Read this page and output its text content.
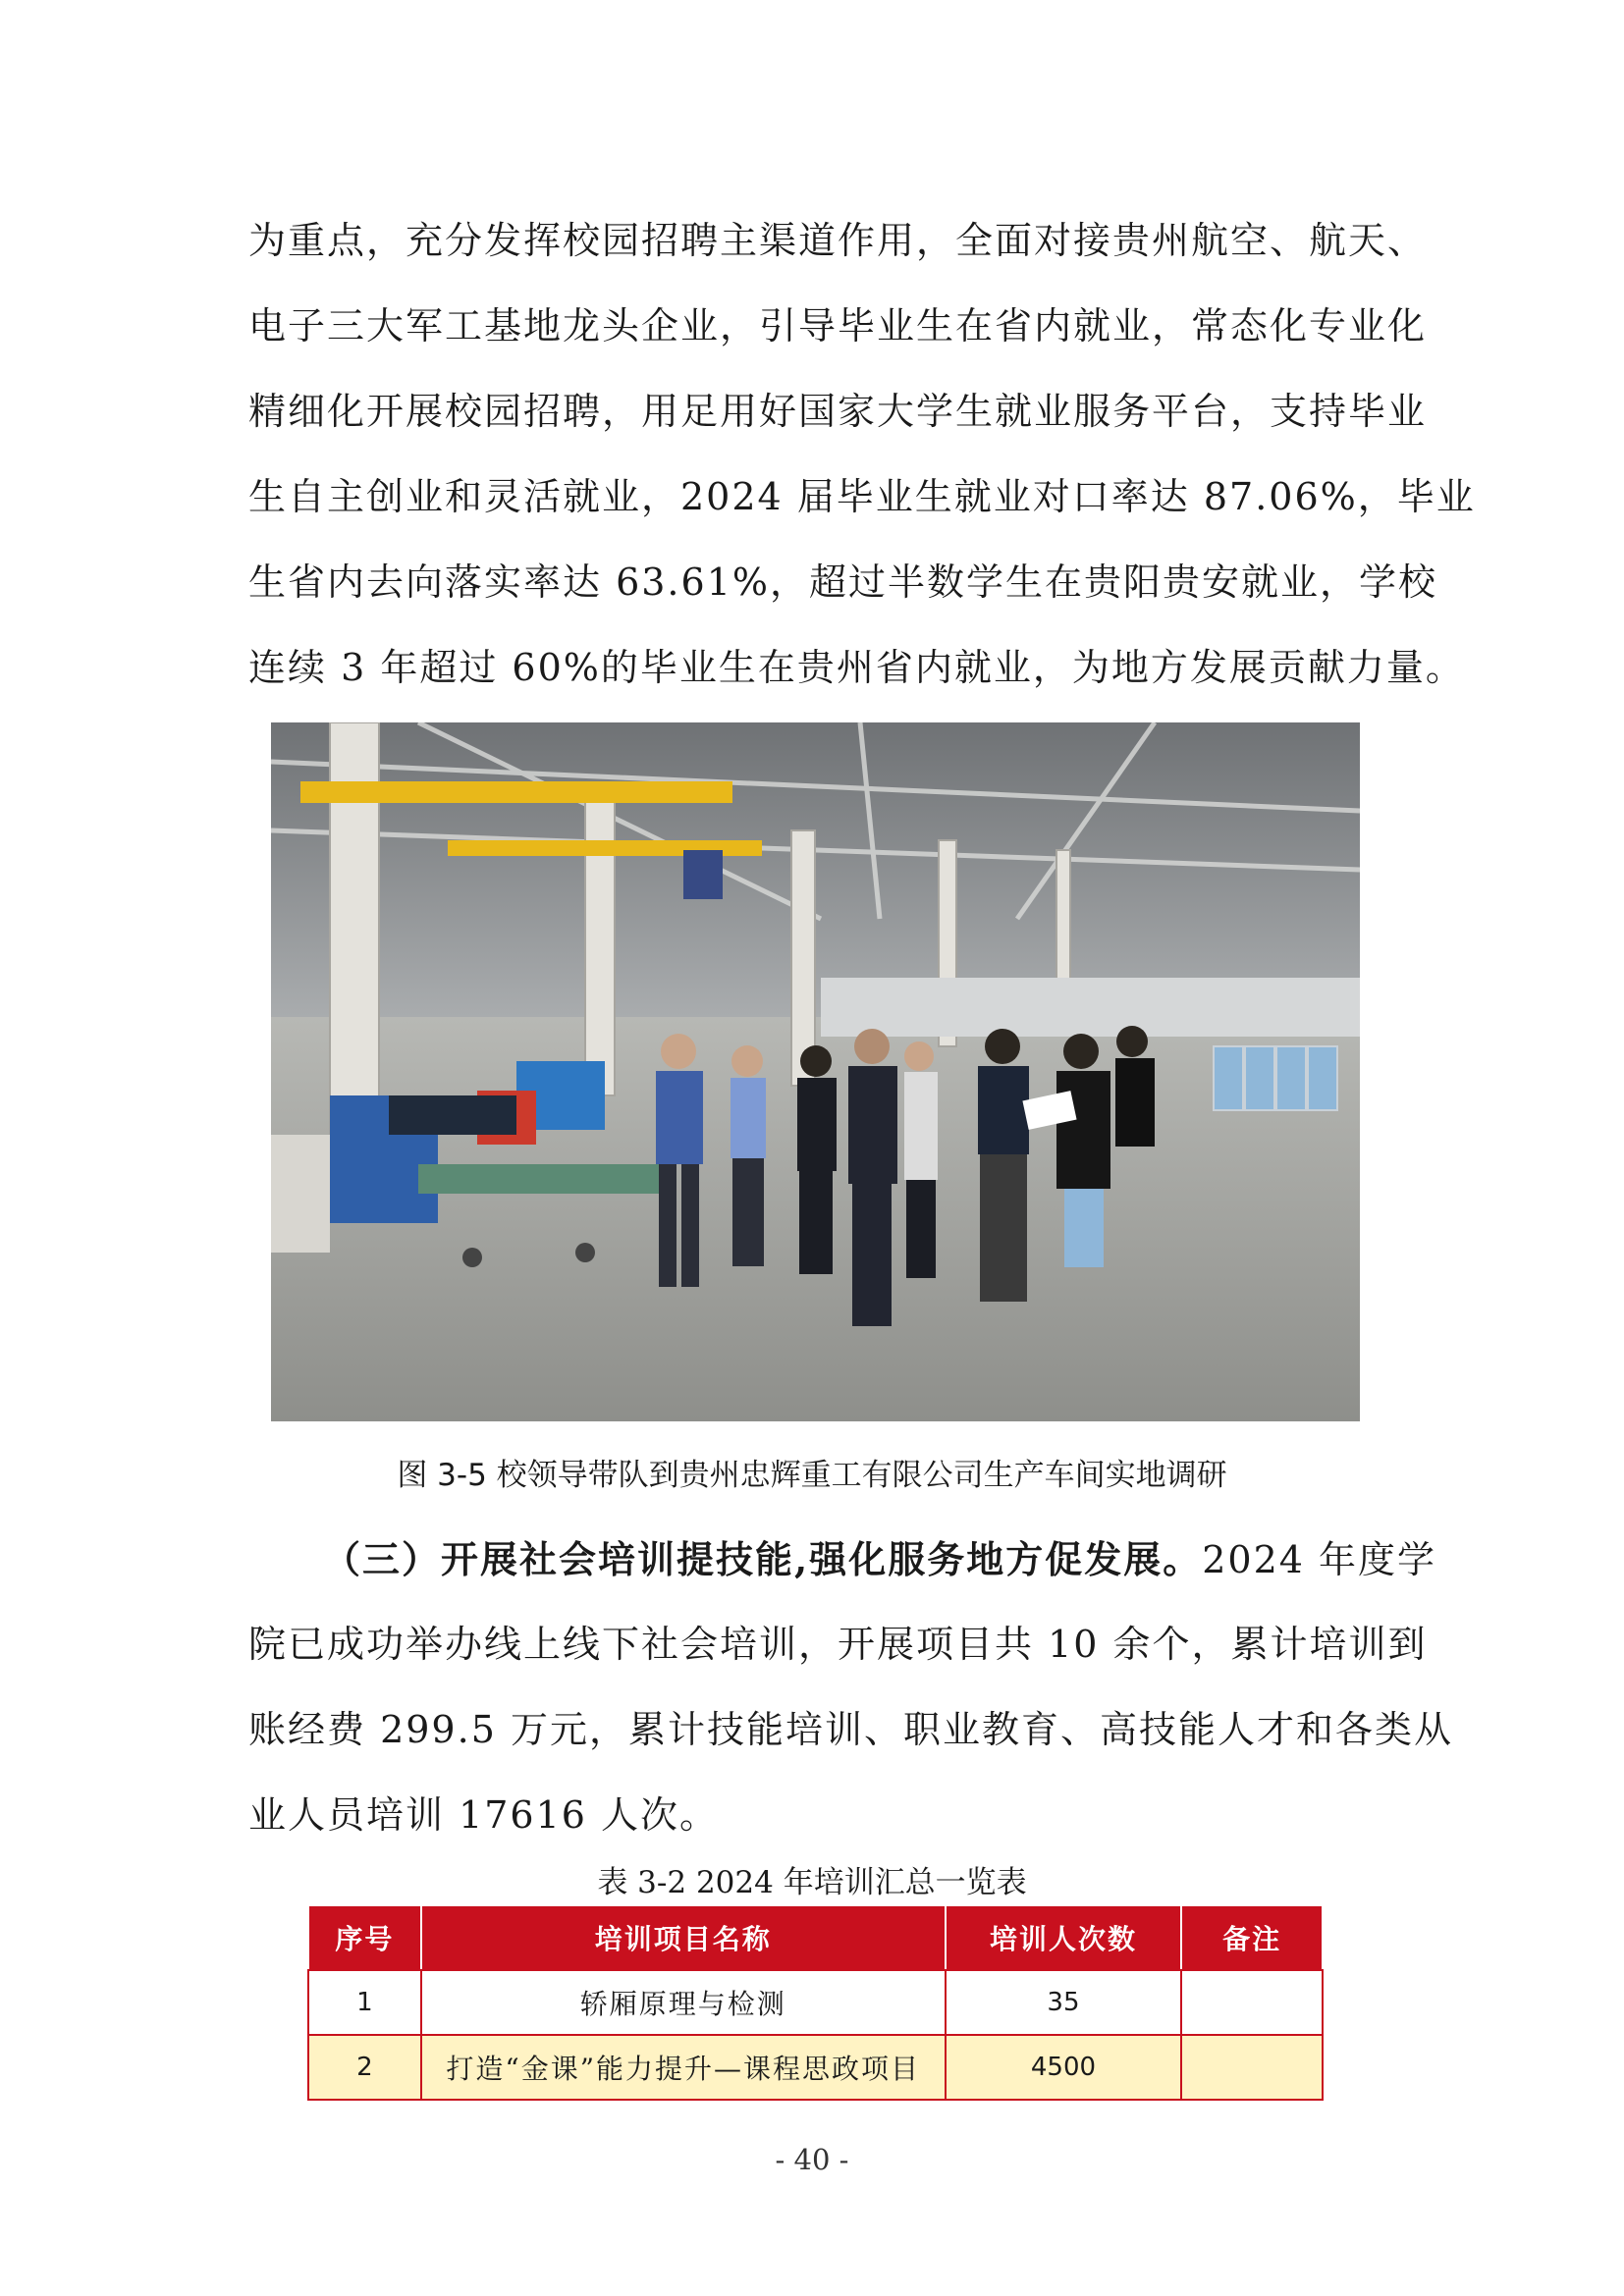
为重点，充分发挥校园招聘主渠道作用，全面对接贵州航空、航天、
电子三大军工基地龙头企业，引导毕业生在省内就业，常态化专业化
精细化开展校园招聘，用足用好国家大学生就业服务平台，支持毕业
生自主创业和灵活就业，2024 届毕业生就业对口率达 87.06%，毕业
生省内去向落实率达 63.61%，超过半数学生在贵阳贵安就业，学校
连续 3 年超过 60%的毕业生在贵州省内就业，为地方发展贡献力量。
图 3-5 校领导带队到贵州忠辉重工有限公司生产车间实地调研
（三）开展社会培训提技能,强化服务地方促发展。2024 年度学
院已成功举办线上线下社会培训，开展项目共 10 余个，累计培训到
账经费 299.5 万元，累计技能培训、职业教育、高技能人才和各类从
业人员培训 17616 人次。
表 3-2 2024 年培训汇总一览表
序号	培训项目名称	培训人次数	备注
1	轿厢原理与检测	35	
2	打造“金课”能力提升—课程思政项目	4500	
- 40 -
